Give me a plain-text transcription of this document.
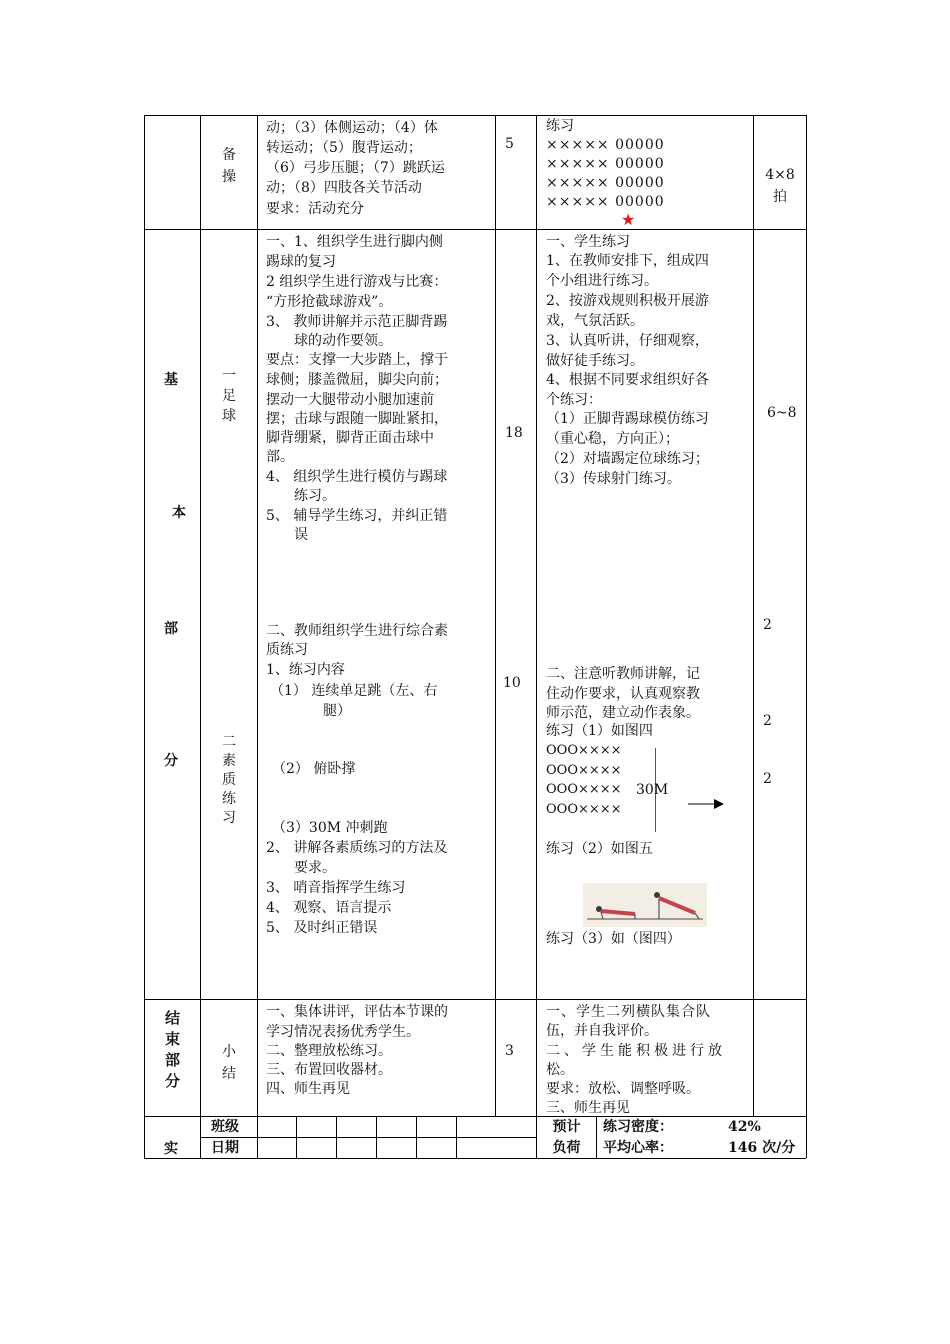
备
操
动；（3）体侧运动；（4）体
转运动；（5）腹背运动；
（6）弓步压腿；（7）跳跃运
动；（8）四肢各关节活动
要求：活动充分
5
练习
××××× 00000
××××× 00000
××××× 00000
××××× 00000
★
4×8
拍
基
本
部
分
一
足
球
一、1、组织学生进行脚内侧
踢球的复习
2 组织学生进行游戏与比赛：
“方形抢截球游戏”。
3、 教师讲解并示范正脚背踢
球的动作要领。
要点：支撑一大步踏上，撑于
球侧；膝盖微屈，脚尖向前；
摆动一大腿带动小腿加速前
摆；击球与跟随一脚趾紧扣，
脚背绷紧，脚背正面击球中
部。
4、 组织学生进行模仿与踢球
练习。
5、 辅导学生练习，并纠正错
误
18
一、学生练习
1、在教师安排下，组成四
个小组进行练习。
2、按游戏规则积极开展游
戏，气氛活跃。
3、认真听讲，仔细观察，
做好徒手练习。
4、根据不同要求组织好各
个练习：
（1）正脚背踢球模仿练习
（重心稳，方向正）；
（2）对墙踢定位球练习；
（3）传球射门练习。
6~8
二
素
质
练
习
二、教师组织学生进行综合素
质练习
1、练习内容
（1） 连续单足跳（左、右
腿）
（2） 俯卧撑
（3）30M 冲刺跑
2、 讲解各素质练习的方法及
要求。
3、 哨音指挥学生练习
4、 观察、语言提示
5、 及时纠正错误
10
二、注意听教师讲解，记
住动作要求，认真观察教
师示范，建立动作表象。
练习（1）如图四
OOO××××
OOO××××
OOO××××
OOO××××
30M
练习（2）如图五
练习（3）如（图四）
2
2
2
结
束
部
分
小
结
一、集体讲评，评估本节课的
学习情况表扬优秀学生。
二、整理放松练习。
三、布置回收器材。
四、师生再见
3
一、学生二列横队集合队
伍，并自我评价。
二、学生能积极进行放
松。
要求：放松、调整呼吸。
三、师生再见
实
班级
日期
预计
负荷
练习密度：	42%
平均心率：	146 次/分
